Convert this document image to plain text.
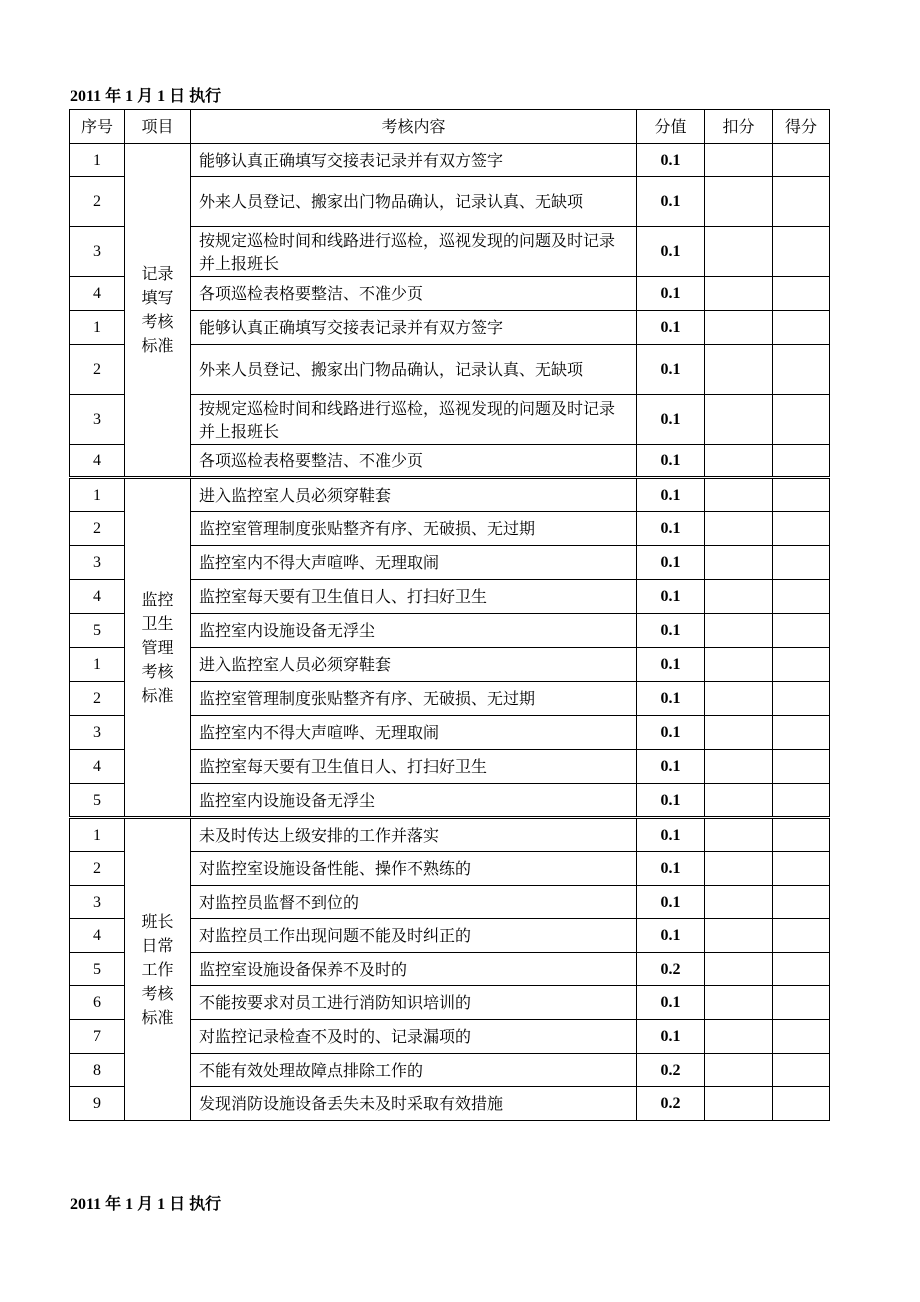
2011 年 1 月 1 日 执行
序号	项目	考核内容	分值	扣分	得分
1	记录填写考核标准	能够认真正确填写交接表记录并有双方签字	0.1		
2		外来人员登记、搬家出门物品确认，记录认真、无缺项	0.1		
3		按规定巡检时间和线路进行巡检，巡视发现的问题及时记录并上报班长	0.1		
4		各项巡检表格要整洁、不准少页	0.1		
1		能够认真正确填写交接表记录并有双方签字	0.1		
2		外来人员登记、搬家出门物品确认，记录认真、无缺项	0.1		
3		按规定巡检时间和线路进行巡检，巡视发现的问题及时记录并上报班长	0.1		
4		各项巡检表格要整洁、不准少页	0.1		
1	监控卫生管理考核标准	进入监控室人员必须穿鞋套	0.1		
2		监控室管理制度张贴整齐有序、无破损、无过期	0.1		
3		监控室内不得大声喧哗、无理取闹	0.1		
4		监控室每天要有卫生值日人、打扫好卫生	0.1		
5		监控室内设施设备无浮尘	0.1		
1		进入监控室人员必须穿鞋套	0.1		
2		监控室管理制度张贴整齐有序、无破损、无过期	0.1		
3		监控室内不得大声喧哗、无理取闹	0.1		
4		监控室每天要有卫生值日人、打扫好卫生	0.1		
5		监控室内设施设备无浮尘	0.1		
1	班长日常工作考核标准	未及时传达上级安排的工作并落实	0.1		
2		对监控室设施设备性能、操作不熟练的	0.1		
3		对监控员监督不到位的	0.1		
4		对监控员工作出现问题不能及时纠正的	0.1		
5		监控室设施设备保养不及时的	0.2		
6		不能按要求对员工进行消防知识培训的	0.1		
7		对监控记录检查不及时的、记录漏项的	0.1		
8		不能有效处理故障点排除工作的	0.2		
9		发现消防设施设备丢失未及时采取有效措施	0.2		
2011 年 1 月 1 日 执行
